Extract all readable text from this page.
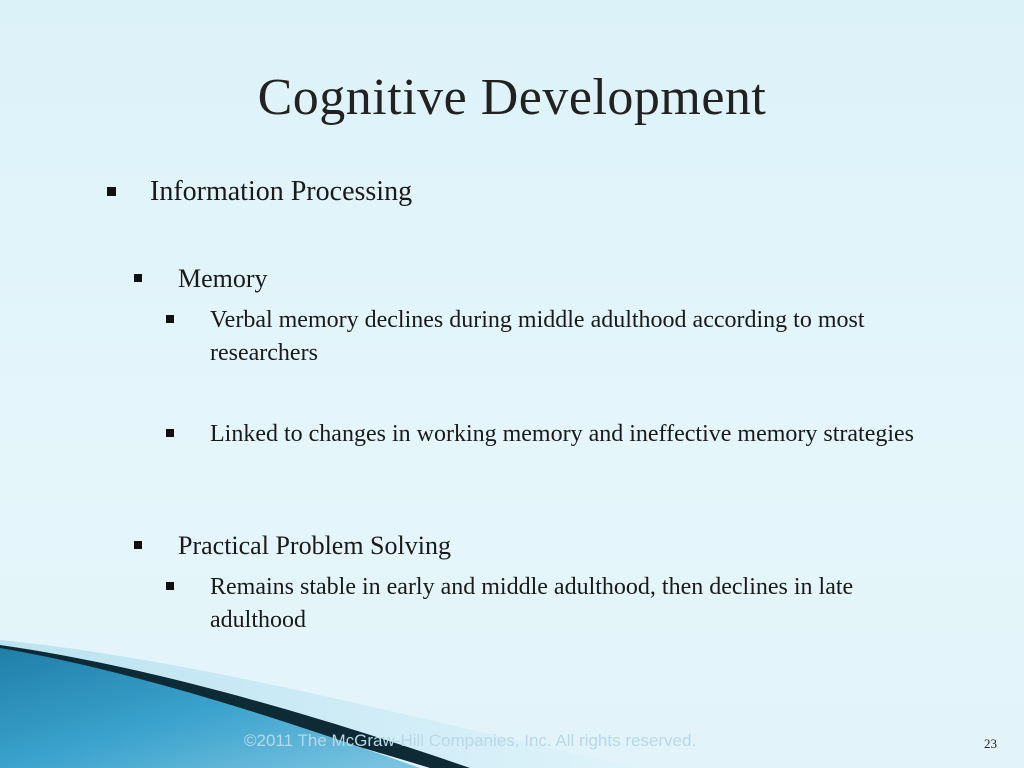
Cognitive Development
Information Processing
Memory
Verbal memory declines during middle adulthood according to most researchers
Linked to changes in working memory and ineffective memory strategies
Practical Problem Solving
Remains stable in early and middle adulthood, then declines in late adulthood
©2011 The McGraw-Hill Companies, Inc. All rights reserved.	23
